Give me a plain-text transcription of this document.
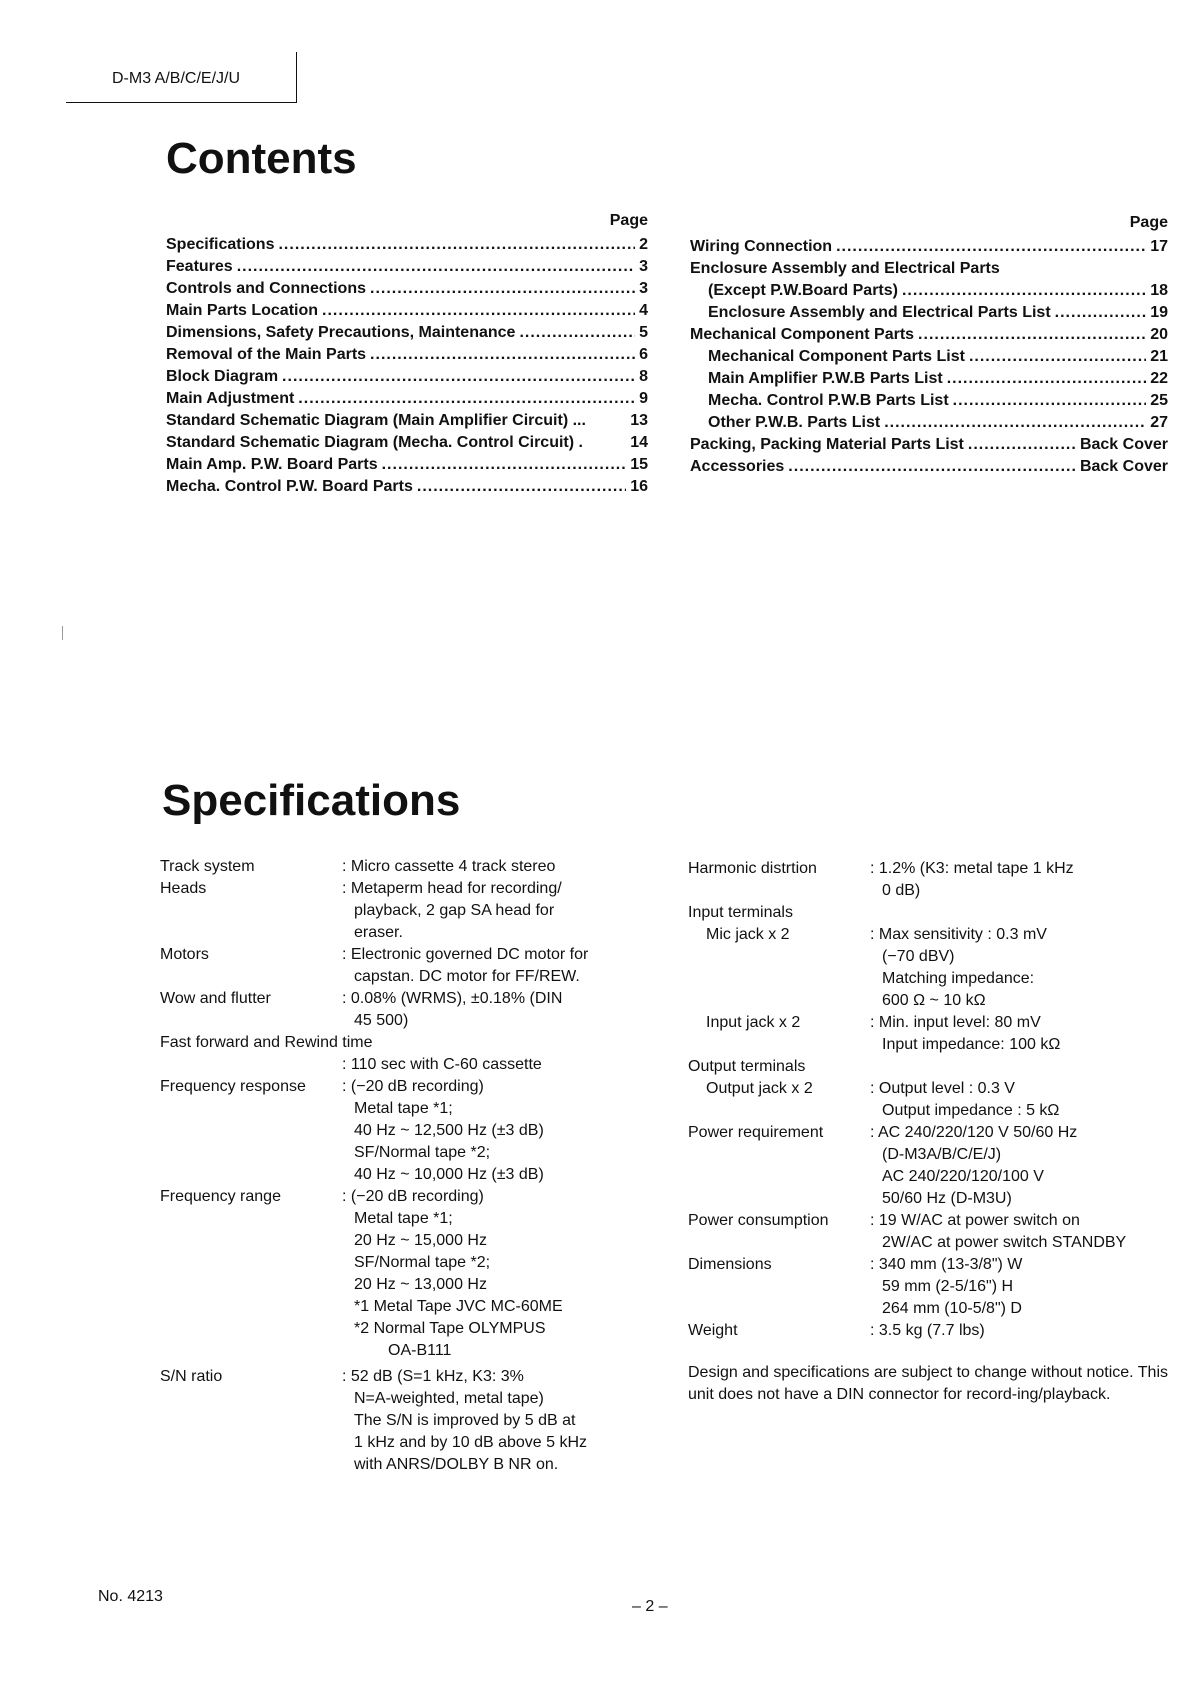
D-M3 A/B/C/E/J/U
Contents
Page
Specifications .....	2
Features .....	3
Controls and Connections .....	3
Main Parts Location .....	4
Dimensions, Safety Precautions, Maintenance .....	5
Removal of the Main Parts .....	6
Block Diagram .....	8
Main Adjustment .....	9
Standard Schematic Diagram (Main Amplifier Circuit) ...	13
Standard Schematic Diagram (Mecha. Control Circuit) .	14
Main Amp. P.W. Board Parts .....	15
Mecha. Control P.W. Board Parts .....	16
Page
Wiring Connection .....	17
Enclosure Assembly and Electrical Parts
(Except P.W.Board Parts) .....	18
Enclosure Assembly and Electrical Parts List .....	19
Mechanical Component Parts .....	20
Mechanical Component Parts List .....	21
Main Amplifier P.W.B Parts List .....	22
Mecha. Control P.W.B Parts List .....	25
Other P.W.B. Parts List .....	27
Packing, Packing Material Parts List .....	Back Cover
Accessories .....	Back Cover
Specifications
Track system	: Micro cassette 4 track stereo
Heads	: Metaperm head for recording/
playback, 2 gap SA head for
eraser.
Motors	: Electronic governed DC motor for
capstan. DC motor for FF/REW.
Wow and flutter	: 0.08% (WRMS), ±0.18% (DIN
45 500)
Fast forward and Rewind time
: 110 sec with C-60 cassette
Frequency response	: (−20 dB recording)
Metal tape *1;
40 Hz ~ 12,500 Hz (±3 dB)
SF/Normal tape *2;
40 Hz ~ 10,000 Hz (±3 dB)
Frequency range	: (−20 dB recording)
Metal tape *1;
20 Hz ~ 15,000 Hz
SF/Normal tape *2;
20 Hz ~ 13,000 Hz
*1 Metal Tape JVC MC-60ME
*2 Normal Tape OLYMPUS
OA-B111
S/N ratio	: 52 dB (S=1 kHz, K3: 3%
N=A-weighted, metal tape)
The S/N is improved by 5 dB at
1 kHz and by 10 dB above 5 kHz
with ANRS/DOLBY B NR on.
Harmonic distrtion	: 1.2% (K3: metal tape 1 kHz
0 dB)
Input terminals
Mic jack x 2	: Max sensitivity : 0.3 mV
(−70 dBV)
Matching impedance:
600 Ω ~ 10 kΩ
Input jack x 2	: Min. input level: 80 mV
Input impedance: 100 kΩ
Output terminals
Output jack x 2	: Output level : 0.3 V
Output impedance : 5 kΩ
Power requirement	: AC 240/220/120 V 50/60 Hz
(D-M3A/B/C/E/J)
AC 240/220/120/100 V
50/60 Hz (D-M3U)
Power consumption	: 19 W/AC at power switch on
2W/AC at power switch STANDBY
Dimensions	: 340 mm (13-3/8") W
59 mm (2-5/16") H
264 mm (10-5/8") D
Weight	: 3.5 kg (7.7 lbs)
Design and specifications are subject to change without notice. This unit does not have a DIN connector for record-ing/playback.
No. 4213
– 2 –
